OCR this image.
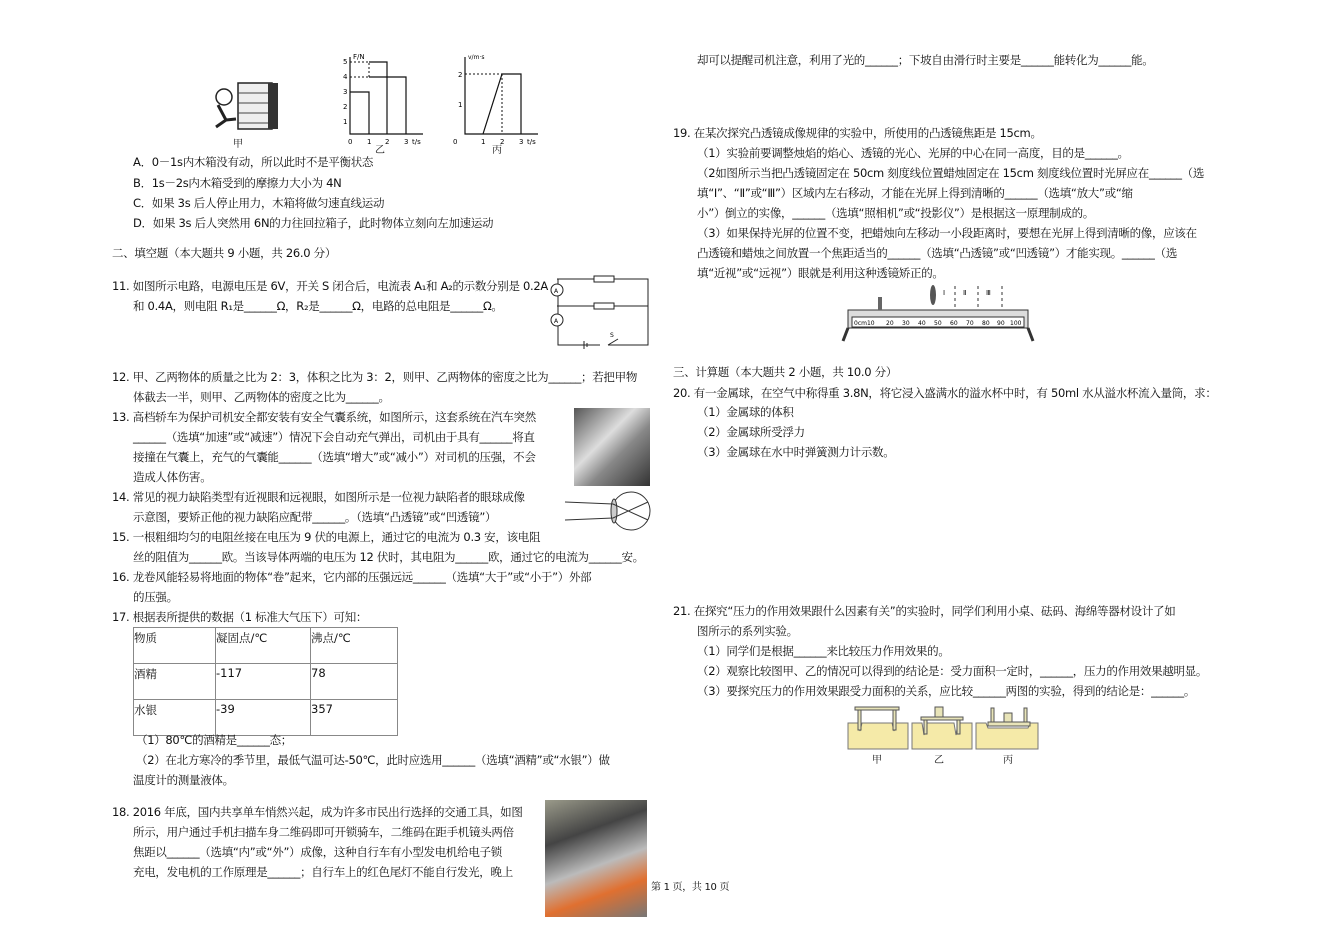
F/N
5
4
3
2
1
0 1 2 3 t/s
v/m·s
2
1
0	1 2 3 t/s
甲
乙	丙
A
A
S
物质	凝固点/℃	沸点/℃
酒精	-117	78
水银	-39	357
第 1 页，共 10 页
Ⅰ	Ⅱ	Ⅲ
0cm10 20 30 40 50 60 70 80 90 100
甲	乙	丙
A．0－1s内木箱没有动，所以此时不是平衡状态
B．1s－2s内木箱受到的摩擦力大小为 4N
C．如果 3s 后人停止用力，木箱将做匀速直线运动
D．如果 3s 后人突然用 6N的力往回拉箱子，此时物体立刻向左加速运动
二、填空题（本大题共 9 小题，共 26.0 分）
11. 如图所示电路，电源电压是 6V，开关 S 闭合后，电流表 A₁和 A₂的示数分别是 0.2A
和 0.4A，则电阻 R₁是______Ω，R₂是______Ω，电路的总电阻是______Ω。
12. 甲、乙两物体的质量之比为 2：3，体积之比为 3：2，则甲、乙两物体的密度之比为______；若把甲物
体截去一半，则甲、乙两物体的密度之比为______。
13. 高档轿车为保护司机安全都安装有安全气囊系统，如图所示，这套系统在汽车突然
______（选填“加速”或“减速”）情况下会自动充气弹出，司机由于具有______将直
接撞在气囊上，充气的气囊能______（选填“增大”或“减小”）对司机的压强，不会
造成人体伤害。
14. 常见的视力缺陷类型有近视眼和远视眼，如图所示是一位视力缺陷者的眼球成像
示意图，要矫正他的视力缺陷应配带______。（选填“凸透镜”或“凹透镜”）
15. 一根粗细均匀的电阻丝接在电压为 9 伏的电源上，通过它的电流为 0.3 安，该电阻
丝的阻值为______欧。当该导体两端的电压为 12 伏时，其电阻为______欧，通过它的电流为______安。
16. 龙卷风能轻易将地面的物体“卷”起来，它内部的压强远远______（选填“大于”或“小于”）外部
的压强。
17. 根据表所提供的数据（1 标准大气压下）可知：
（1）80℃的酒精是______态；
（2）在北方寒冷的季节里，最低气温可达-50℃，此时应选用______（选填“酒精”或“水银”）做
温度计的测量液体。
18. 2016 年底，国内共享单车悄然兴起，成为许多市民出行选择的交通工具，如图
所示，用户通过手机扫描车身二维码即可开锁骑车，二维码在距手机镜头两倍
焦距以______（选填“内”或“外”）成像，这种自行车有小型发电机给电子锁
充电，发电机的工作原理是______；自行车上的红色尾灯不能自行发光，晚上
却可以提醒司机注意，利用了光的______；下坡自由滑行时主要是______能转化为______能。
19. 在某次探究凸透镜成像规律的实验中，所使用的凸透镜焦距是 15cm。
（1）实验前要调整烛焰的焰心、透镜的光心、光屏的中心在同一高度，目的是______。
（2如图所示当把凸透镜固定在 50cm 刻度线位置蜡烛固定在 15cm 刻度线位置时光屏应在______（选
填“Ⅰ”、“Ⅱ”或“Ⅲ”）区域内左右移动，才能在光屏上得到清晰的______（选填“放大”或“缩
小”）倒立的实像，______（选填“照相机”或“投影仪”）是根据这一原理制成的。
（3）如果保持光屏的位置不变，把蜡烛向左移动一小段距离时，要想在光屏上得到清晰的像，应该在
凸透镜和蜡烛之间放置一个焦距适当的______（选填“凸透镜”或“凹透镜”）才能实现。______（选
填“近视”或“远视”）眼就是利用这种透镜矫正的。
三、计算题（本大题共 2 小题，共 10.0 分）
20. 有一金属球，在空气中称得重 3.8N，将它浸入盛满水的溢水杯中时，有 50ml 水从溢水杯流入量筒，求：
（1）金属球的体积
（2）金属球所受浮力
（3）金属球在水中时弹簧测力计示数。
21. 在探究“压力的作用效果跟什么因素有关”的实验时，同学们利用小桌、砝码、海绵等器材设计了如
图所示的系列实验。
（1）同学们是根据______来比较压力作用效果的。
（2）观察比较图甲、乙的情况可以得到的结论是：受力面积一定时，______，压力的作用效果越明显。
（3）要探究压力的作用效果跟受力面积的关系，应比较______两图的实验，得到的结论是：______。
